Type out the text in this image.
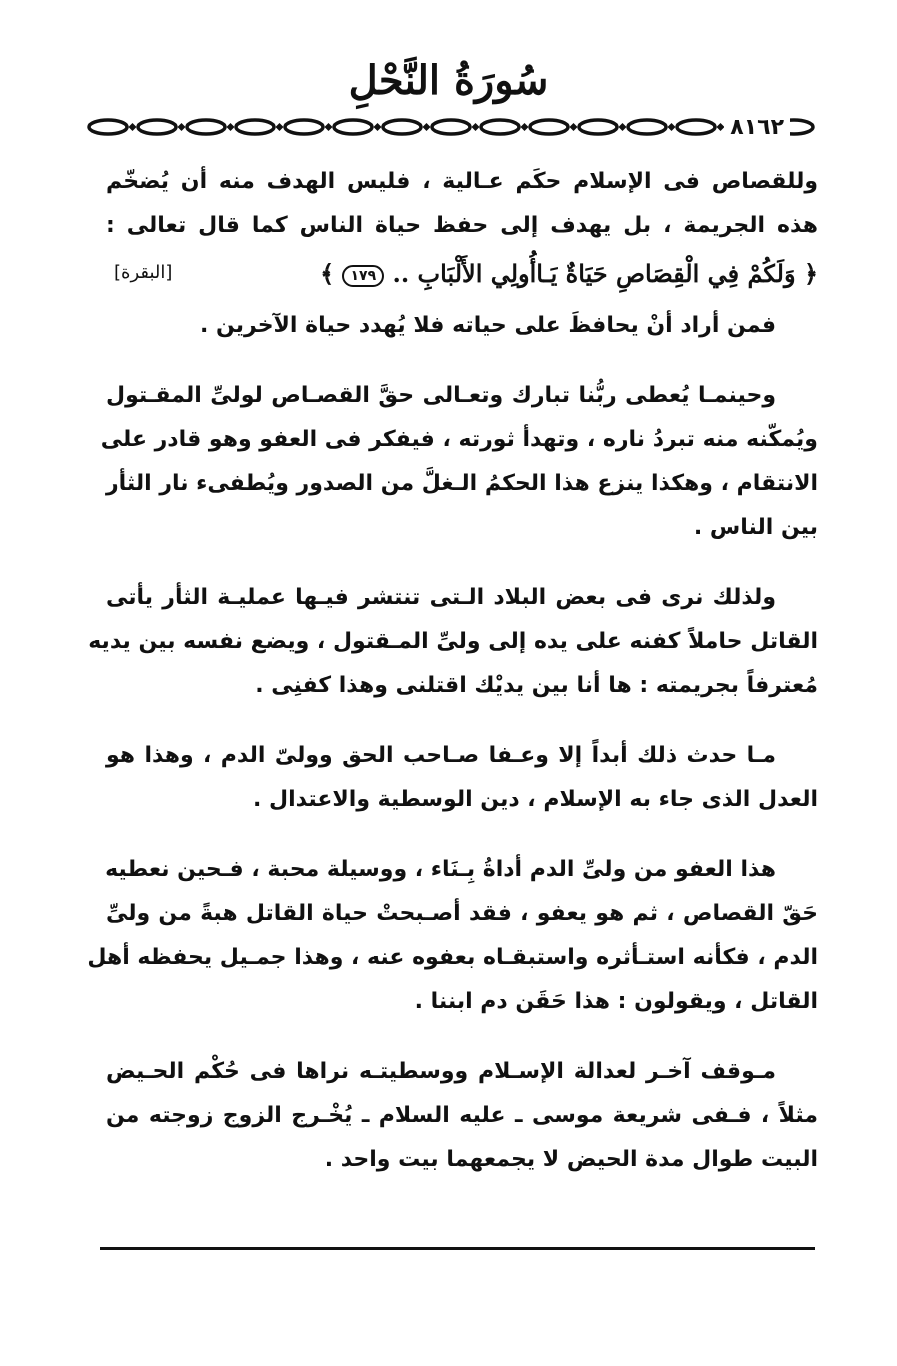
سُورَةُ النَّحْلِ
٨١٦٢
وللقصاص فى الإسلام حكَم عـالية ، فليس الهدف منه أن يُضخّم
هذه الجريمة ، بل يهدف إلى حفظ حياة الناس كما قال تعالى :
﴿ وَلَكُمْ فِي الْقِصَاصِ حَيَاةٌ يَـاأُولِي الأَلْبَابِ .. ١٧٩ ﴾
[البقرة]
فمن أراد أنْ يحافظَ على حياته فلا يُهدد حياة الآخرين .
وحينمـا يُعطى ربُّنا تبارك وتعـالى حقَّ القصـاص لولىِّ المقـتول
ويُمكّنه منه تبردُ ناره ، وتهدأ ثورته ، فيفكر فى العفو وهو قادر على
الانتقام ، وهكذا ينزع هذا الحكمُ الـغلَّ من الصدور ويُطفىء نار الثأر
بين الناس .
ولذلك نرى فى بعض البلاد الـتى تنتشر فيـها عمليـة الثأر يأتى
القاتل حاملاً كفنه على يده إلى ولىِّ المـقتول ، ويضع نفسه بين يديه
مُعترفاً بجريمته : ها أنا بين يديْك اقتلنى وهذا كفنِى .
مـا حدث ذلك أبداً إلا وعـفا صـاحب الحق وولىّ الدم ، وهذا هو
العدل الذى جاء به الإسلام ، دين الوسطية والاعتدال .
هذا العفو من ولىِّ الدم أداةُ بِـنَاء ، ووسيلة محبة ، فـحين نعطيه
حَقّ القصاص ، ثم هو يعفو ، فقد أصـبحتْ حياة القاتل هبةً من ولىِّ
الدم ، فكأنه استـأثره واستبقـاه بعفوه عنه ، وهذا جمـيل يحفظه أهل
القاتل ، ويقولون : هذا حَقَن دم ابننا .
مـوقف آخـر لعدالة الإسـلام ووسطيتـه نراها فى حُكْم الحـيض
مثلاً ، فـفى شريعة موسى ـ عليه السلام ـ يُخْـرج الزوج زوجته من
البيت طوال مدة الحيض لا يجمعهما بيت واحد .
